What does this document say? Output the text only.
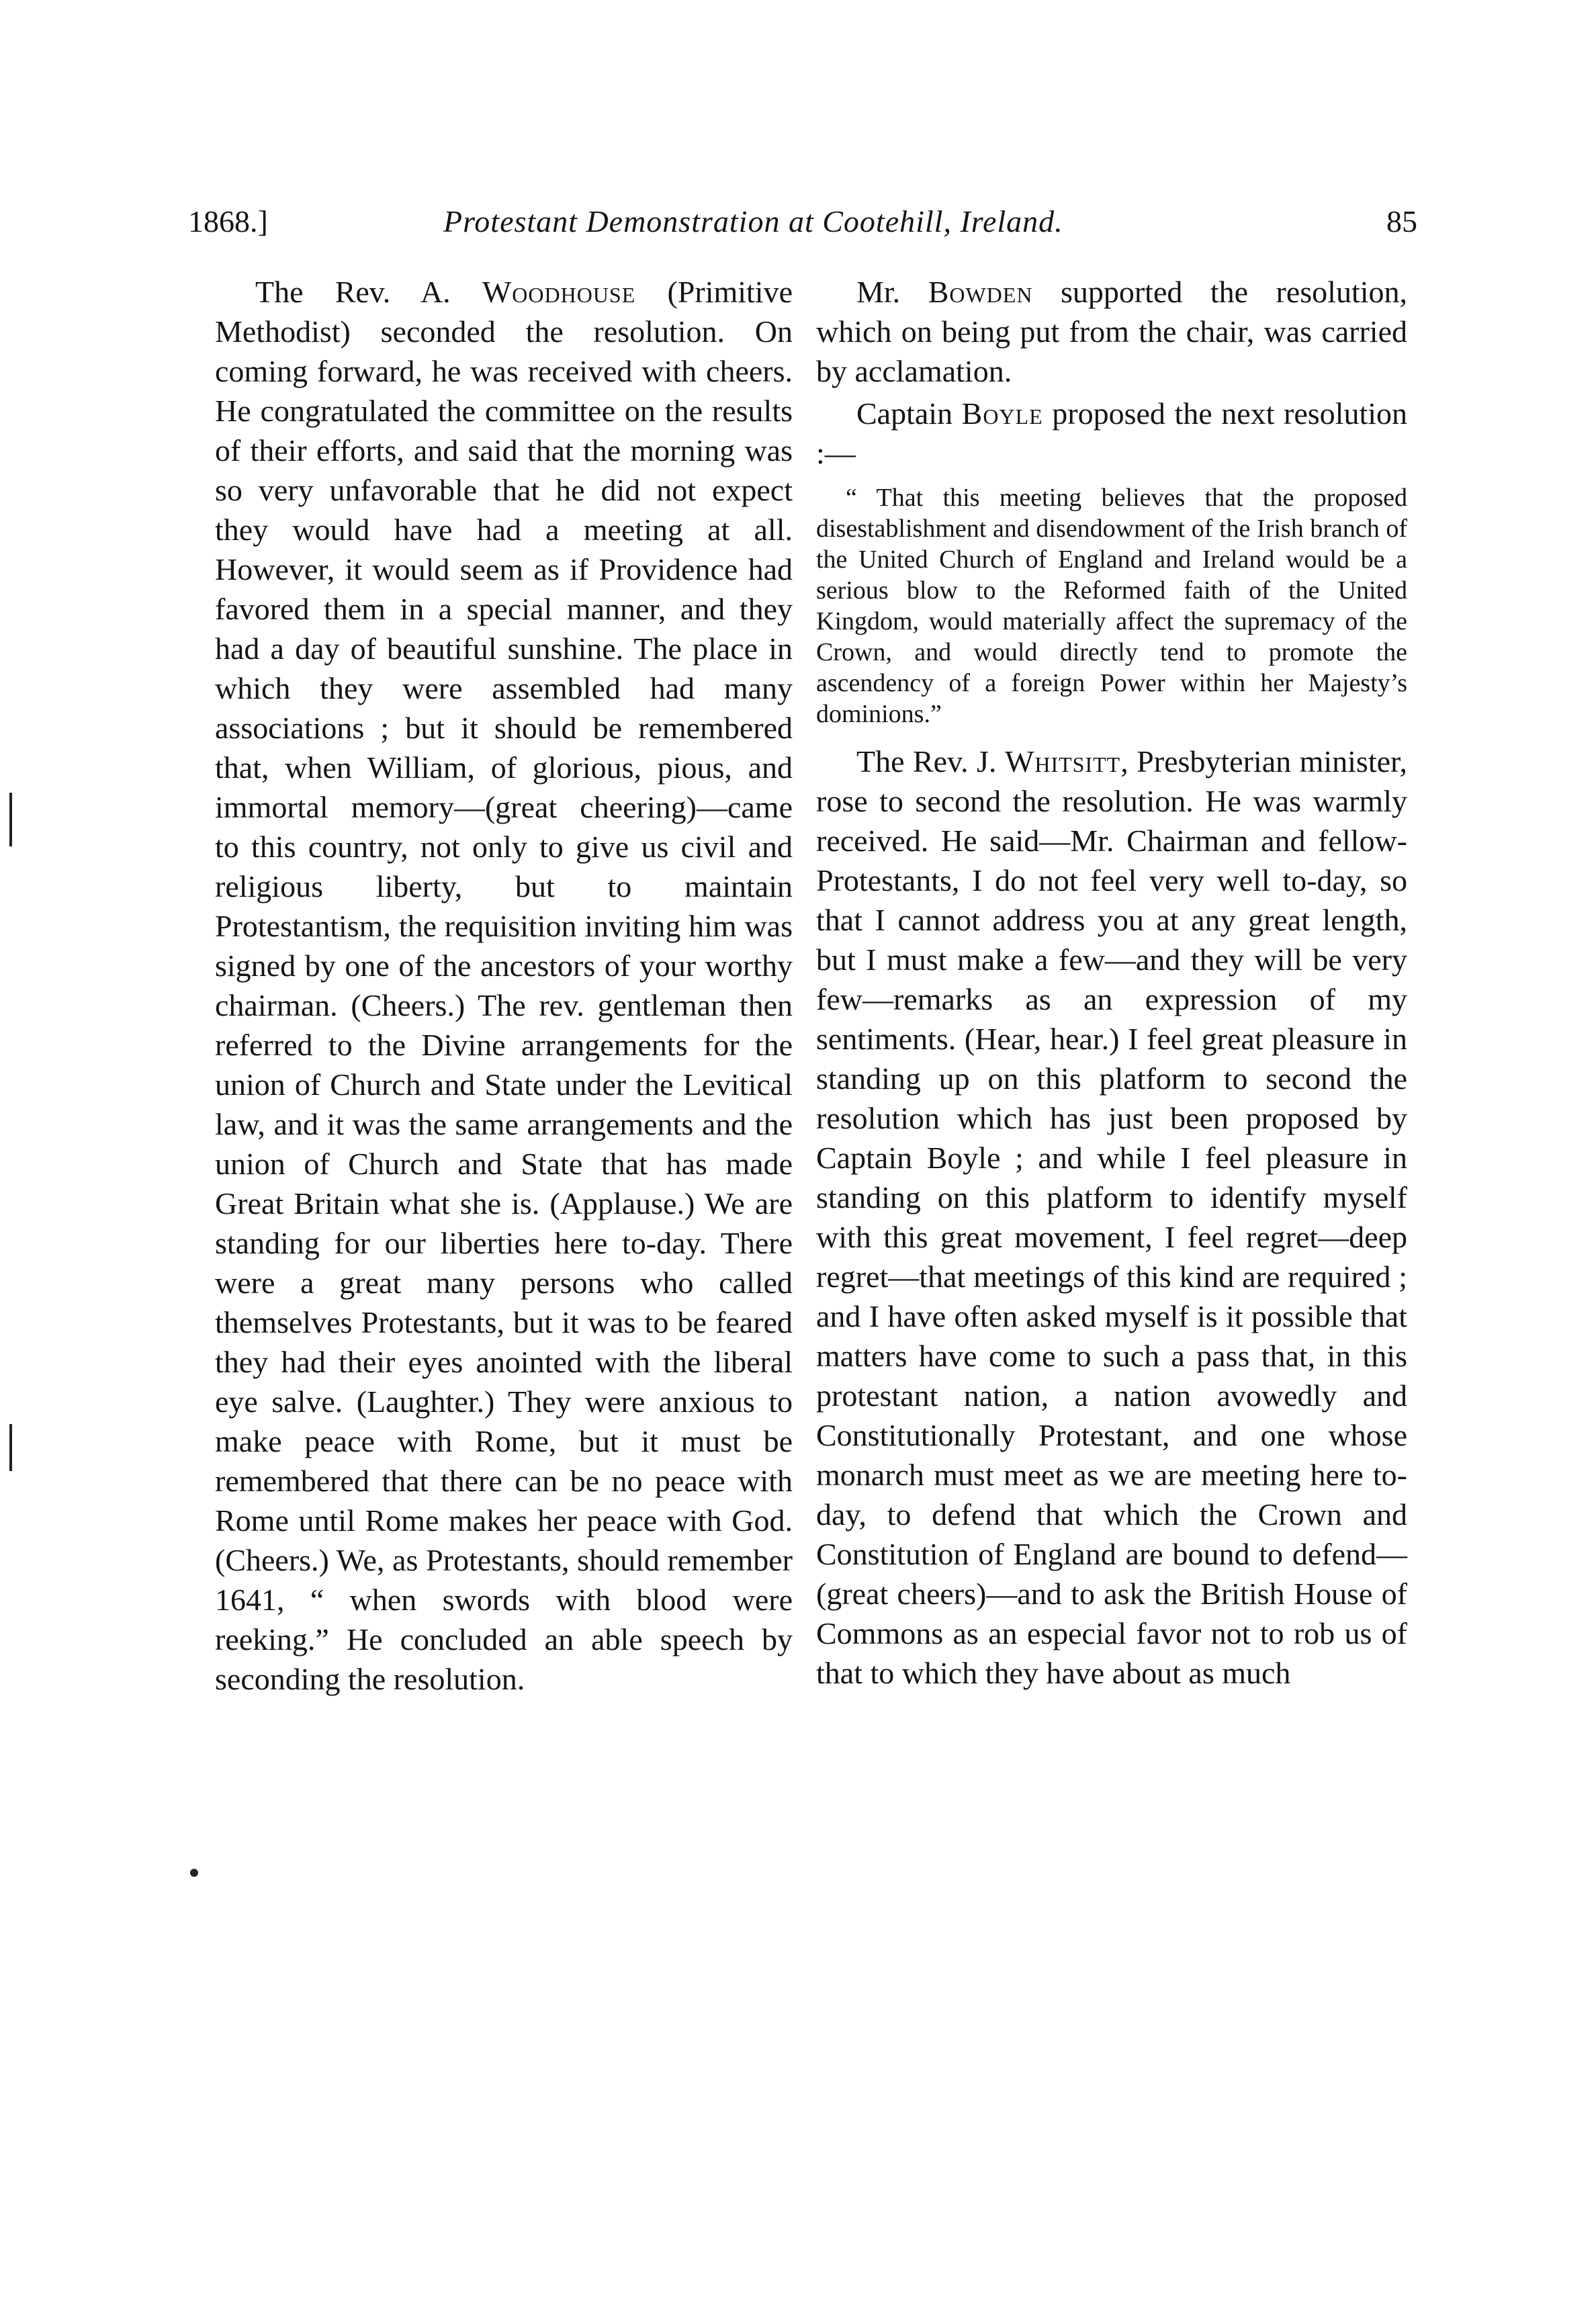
1868.]	Protestant Demonstration at Cootehill, Ireland.	85

The Rev. A. Woodhouse (Primitive Methodist) seconded the resolution. On coming forward, he was received with cheers. He congratulated the committee on the results of their efforts, and said that the morning was so very unfavorable that he did not expect they would have had a meeting at all. However, it would seem as if Providence had favored them in a special manner, and they had a day of beautiful sunshine. The place in which they were assembled had many associations ; but it should be remembered that, when William, of glorious, pious, and immortal memory—(great cheering)—came to this country, not only to give us civil and religious liberty, but to maintain Protestantism, the requisition inviting him was signed by one of the ancestors of your worthy chairman. (Cheers.) The rev. gentleman then referred to the Divine arrangements for the union of Church and State under the Levitical law, and it was the same arrangements and the union of Church and State that has made Great Britain what she is. (Applause.) We are standing for our liberties here to-day. There were a great many persons who called themselves Protestants, but it was to be feared they had their eyes anointed with the liberal eye salve. (Laughter.) They were anxious to make peace with Rome, but it must be remembered that there can be no peace with Rome until Rome makes her peace with God. (Cheers.) We, as Protestants, should remember 1641, “ when swords with blood were reeking.” He concluded an able speech by seconding the resolution.

Mr. Bowden supported the resolution, which on being put from the chair, was carried by acclamation.

Captain Boyle proposed the next resolution :—

“ That this meeting believes that the proposed disestablishment and disendowment of the Irish branch of the United Church of England and Ireland would be a serious blow to the Reformed faith of the United Kingdom, would materially affect the supremacy of the Crown, and would directly tend to promote the ascendency of a foreign Power within her Majesty’s dominions.”

The Rev. J. Whitsitt, Presbyterian minister, rose to second the resolution. He was warmly received. He said—Mr. Chairman and fellow-Protestants, I do not feel very well to-day, so that I cannot address you at any great length, but I must make a few—and they will be very few—remarks as an expression of my sentiments. (Hear, hear.) I feel great pleasure in standing up on this platform to second the resolution which has just been proposed by Captain Boyle ; and while I feel pleasure in standing on this platform to identify myself with this great movement, I feel regret—deep regret—that meetings of this kind are required ; and I have often asked myself is it possible that matters have come to such a pass that, in this protestant nation, a nation avowedly and Constitutionally Protestant, and one whose monarch must meet as we are meeting here to-day, to defend that which the Crown and Constitution of England are bound to defend—(great cheers)—and to ask the British House of Commons as an especial favor not to rob us of that to which they have about as much
